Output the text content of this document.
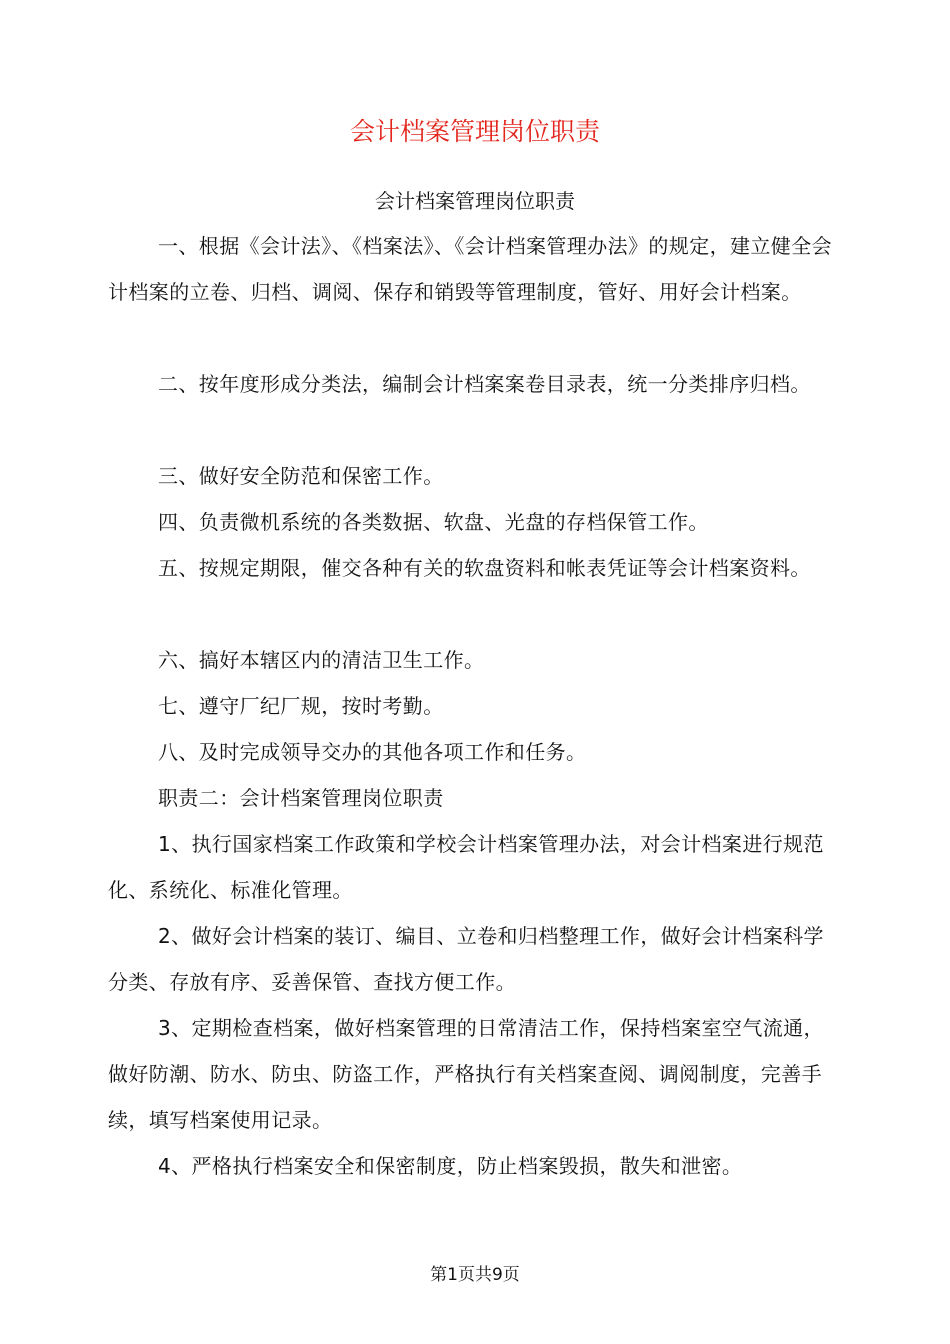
会计档案管理岗位职责
会计档案管理岗位职责
一、根据《会计法》、《档案法》、《会计档案管理办法》的规定，建立健全会计档案的立卷、归档、调阅、保存和销毁等管理制度，管好、用好会计档案。
二、按年度形成分类法，编制会计档案案卷目录表，统一分类排序归档。
三、做好安全防范和保密工作。
四、负责微机系统的各类数据、软盘、光盘的存档保管工作。
五、按规定期限，催交各种有关的软盘资料和帐表凭证等会计档案资料。
六、搞好本辖区内的清洁卫生工作。
七、遵守厂纪厂规，按时考勤。
八、及时完成领导交办的其他各项工作和任务。
职责二：会计档案管理岗位职责
1、执行国家档案工作政策和学校会计档案管理办法，对会计档案进行规范化、系统化、标准化管理。
2、做好会计档案的装订、编目、立卷和归档整理工作，做好会计档案科学分类、存放有序、妥善保管、查找方便工作。
3、定期检查档案，做好档案管理的日常清洁工作，保持档案室空气流通，做好防潮、防水、防虫、防盗工作，严格执行有关档案查阅、调阅制度，完善手续，填写档案使用记录。
4、严格执行档案安全和保密制度，防止档案毁损，散失和泄密。
第1页共9页
